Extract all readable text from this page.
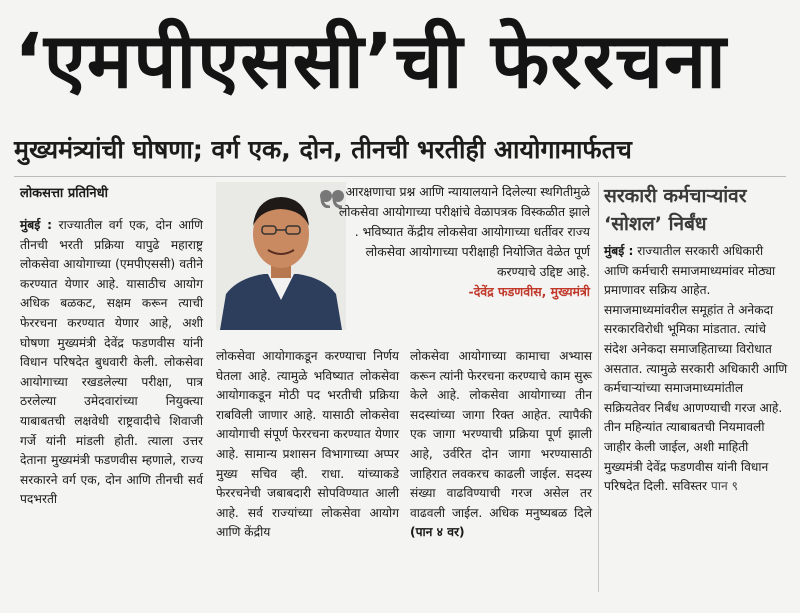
‘एमपीएससी’ची फेररचना
मुख्यमंत्र्यांची घोषणा; वर्ग एक, दोन, तीनची भरतीही आयोगामार्फतच
लोकसत्ता प्रतिनिधी
मुंबई : राज्यातील वर्ग एक, दोन आणि तीनची भरती प्रक्रिया यापुढे महाराष्ट्र लोकसेवा आयोगाच्या (एमपीएससी) वतीने करण्यात येणार आहे. यासाठीच आयोग अधिक बळकट, सक्षम करून त्याची फेररचना करण्यात येणार आहे, अशी घोषणा मुख्यमंत्री देवेंद्र फडणवीस यांनी विधान परिषदेत बुधवारी केली. लोकसेवा आयोगाच्या रखडलेल्या परीक्षा, पात्र ठरलेल्या उमेदवारांच्या नियुक्त्या याबाबतची लक्षवेधी राष्ट्रवादीचे शिवाजी गर्जे यांनी मांडली होती. त्याला उत्तर देताना मुख्यमंत्री फडणवीस म्हणाले, राज्य सरकारने वर्ग एक, दोन आणि तीनची सर्व पदभरती
आरक्षणाचा प्रश्न आणि न्यायालयाने दिलेल्या स्थगितीमुळे लोकसेवा आयोगाच्या परीक्षांचे वेळापत्रक विस्कळीत झाले . भविष्यात केंद्रीय लोकसेवा आयोगाच्या धर्तीवर राज्य लोकसेवा आयोगाच्या परीक्षाही नियोजित वेळेत पूर्ण करण्याचे उद्दिष्ट आहे.
-देवेंद्र फडणवीस, मुख्यमंत्री
लोकसेवा आयोगाकडून करण्याचा निर्णय घेतला आहे. त्यामुळे भविष्यात लोकसेवा आयोगाकडून मोठी पद भरतीची प्रक्रिया राबविली जाणार आहे. यासाठी लोकसेवा आयोगाची संपूर्ण फेररचना करण्यात येणार आहे. सामान्य प्रशासन विभागाच्या अप्पर मुख्य सचिव व्ही. राधा. यांच्याकडे फेररचनेची जबाबदारी सोपविण्यात आली आहे. सर्व राज्यांच्या लोकसेवा आयोग आणि केंद्रीय
लोकसेवा आयोगाच्या कामाचा अभ्यास करून त्यांनी फेररचना करण्याचे काम सुरू केले आहे. लोकसेवा आयोगाच्या तीन सदस्यांच्या जागा रिक्त आहेत. त्यापैकी एक जागा भरण्याची प्रक्रिया पूर्ण झाली आहे, उर्वरित दोन जागा भरण्यासाठी जाहिरात लवकरच काढली जाईल. सदस्य संख्या वाढविण्याची गरज असेल तर वाढवली जाईल. अधिक मनुष्यबळ दिले (पान ४ वर)
सरकारी कर्मचाऱ्यांवर ‘सोशल’ निर्बंध
मुंबई : राज्यातील सरकारी अधिकारी आणि कर्मचारी समाजमाध्यमांवर मोठ्या प्रमाणावर सक्रिय आहेत. समाजमाध्यमांवरील समूहांत ते अनेकदा सरकारविरोधी भूमिका मांडतात. त्यांचे संदेश अनेकदा समाजहिताच्या विरोधात असतात. त्यामुळे सरकारी अधिकारी आणि कर्मचाऱ्यांच्या समाजमाध्यमांतील सक्रियतेवर निर्बंध आणण्याची गरज आहे. तीन महिन्यांत त्याबाबतची नियमावली जाहीर केली जाईल, अशी माहिती मुख्यमंत्री देवेंद्र फडणवीस यांनी विधान परिषदेत दिली. सविस्तर पान ९
